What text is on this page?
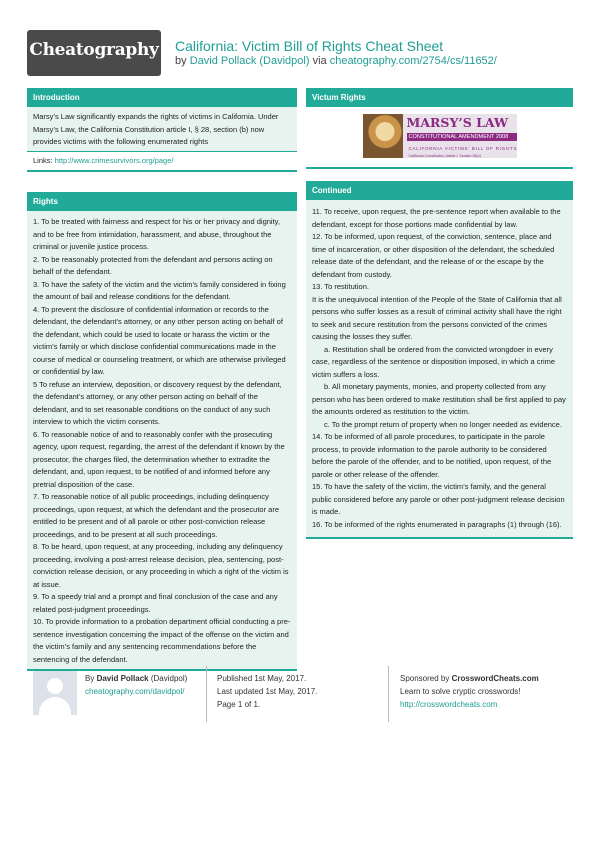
Cheatography California: Victim Bill of Rights Cheat Sheet
by David Pollack (Davidpol) via cheatography.com/2754/cs/11652/
Introduction

Marsy’s Law significantly expands the rights of victims in California. Under Marsy’s Law, the California Constitution article I, § 28, section (b) now provides victims with the following enumerated rights

Links: http://www.crimesurvivors.org/page/
Rights
1. To be treated with fairness and respect for his or her privacy and dignity, and to be free from intimidation, harassment, and abuse, throughout the criminal or juvenile justice process.
2. To be reasonably protected from the defendant and persons acting on behalf of the defendant.
3. To have the safety of the victim and the victim’s family considered in fixing the amount of bail and release conditions for the defendant.
4. To prevent the disclosure of confidential information or records to the defendant, the defendant’s attorney, or any other person acting on behalf of the defendant, which could be used to locate or harass the victim or the victim’s family or which disclose confidential communications made in the course of medical or counseling treatment, or which are otherwise privileged or confidential by law.
5 To refuse an interview, deposition, or discovery request by the defendant, the defendant’s attorney, or any other person acting on behalf of the defendant, and to set reasonable conditions on the conduct of any such interview to which the victim consents.
6. To reasonable notice of and to reasonably confer with the prosecuting agency, upon request, regarding, the arrest of the defendant if known by the prosecutor, the charges filed, the determination whether to extradite the defendant, and, upon request, to be notified of and informed before any pretrial disposition of the case.
7. To reasonable notice of all public proceedings, including delinquency proceedings, upon request, at which the defendant and the prosecutor are entitled to be present and of all parole or other post-conviction release proceedings, and to be present at all such proceedings.
8. To be heard, upon request, at any proceeding, including any delinquency proceeding, involving a post-arrest release decision, plea, sentencing, post-conviction release decision, or any proceeding in which a right of the victim is at issue.
9. To a speedy trial and a prompt and final conclusion of the case and any related post-judgment proceedings.
10. To provide information to a probation department official conducting a pre-sentence investigation concerning the impact of the offense on the victim and the victim’s family and any sentencing recommendations before the sentencing of the defendant.
Victum Rights
MARSY’S LAW
CONSTITUTIONAL AMENDMENT 2008
CALIFORNIA VICTIMS’ BILL OF RIGHTS
California Constitution, Article I, Section 28(b)
Continued
11. To receive, upon request, the pre-sentence report when available to the defendant, except for those portions made confidential by law.
12. To be informed, upon request, of the conviction, sentence, place and time of incarceration, or other disposition of the defendant, the scheduled release date of the defendant, and the release of or the escape by the defendant from custody.
13. To restitution.
It is the unequivocal intention of the People of the State of California that all persons who suffer losses as a result of criminal activity shall have the right to seek and secure restitution from the persons convicted of the crimes causing the losses they suffer.
a. Restitution shall be ordered from the convicted wrongdoer in every case, regardless of the sentence or disposition imposed, in which a crime victim suffers a loss.
b. All monetary payments, monies, and property collected from any person who has been ordered to make restitution shall be first applied to pay the amounts ordered as restitution to the victim.
c. To the prompt return of property when no longer needed as evidence.
14. To be informed of all parole procedures, to participate in the parole process, to provide information to the parole authority to be considered before the parole of the offender, and to be notified, upon request, of the parole or other release of the offender.
15. To have the safety of the victim, the victim’s family, and the general public considered before any parole or other post-judgment release decision is made.
16. To be informed of the rights enumerated in paragraphs (1) through (16).

By David Pollack (Davidpol)

cheatography.com/davidpol/

Published 1st May, 2017.

Last updated 1st May, 2017.

Page 1 of 1.

Sponsored by CrosswordCheats.com

Learn to solve cryptic crosswords!

http://crosswordcheats.com
